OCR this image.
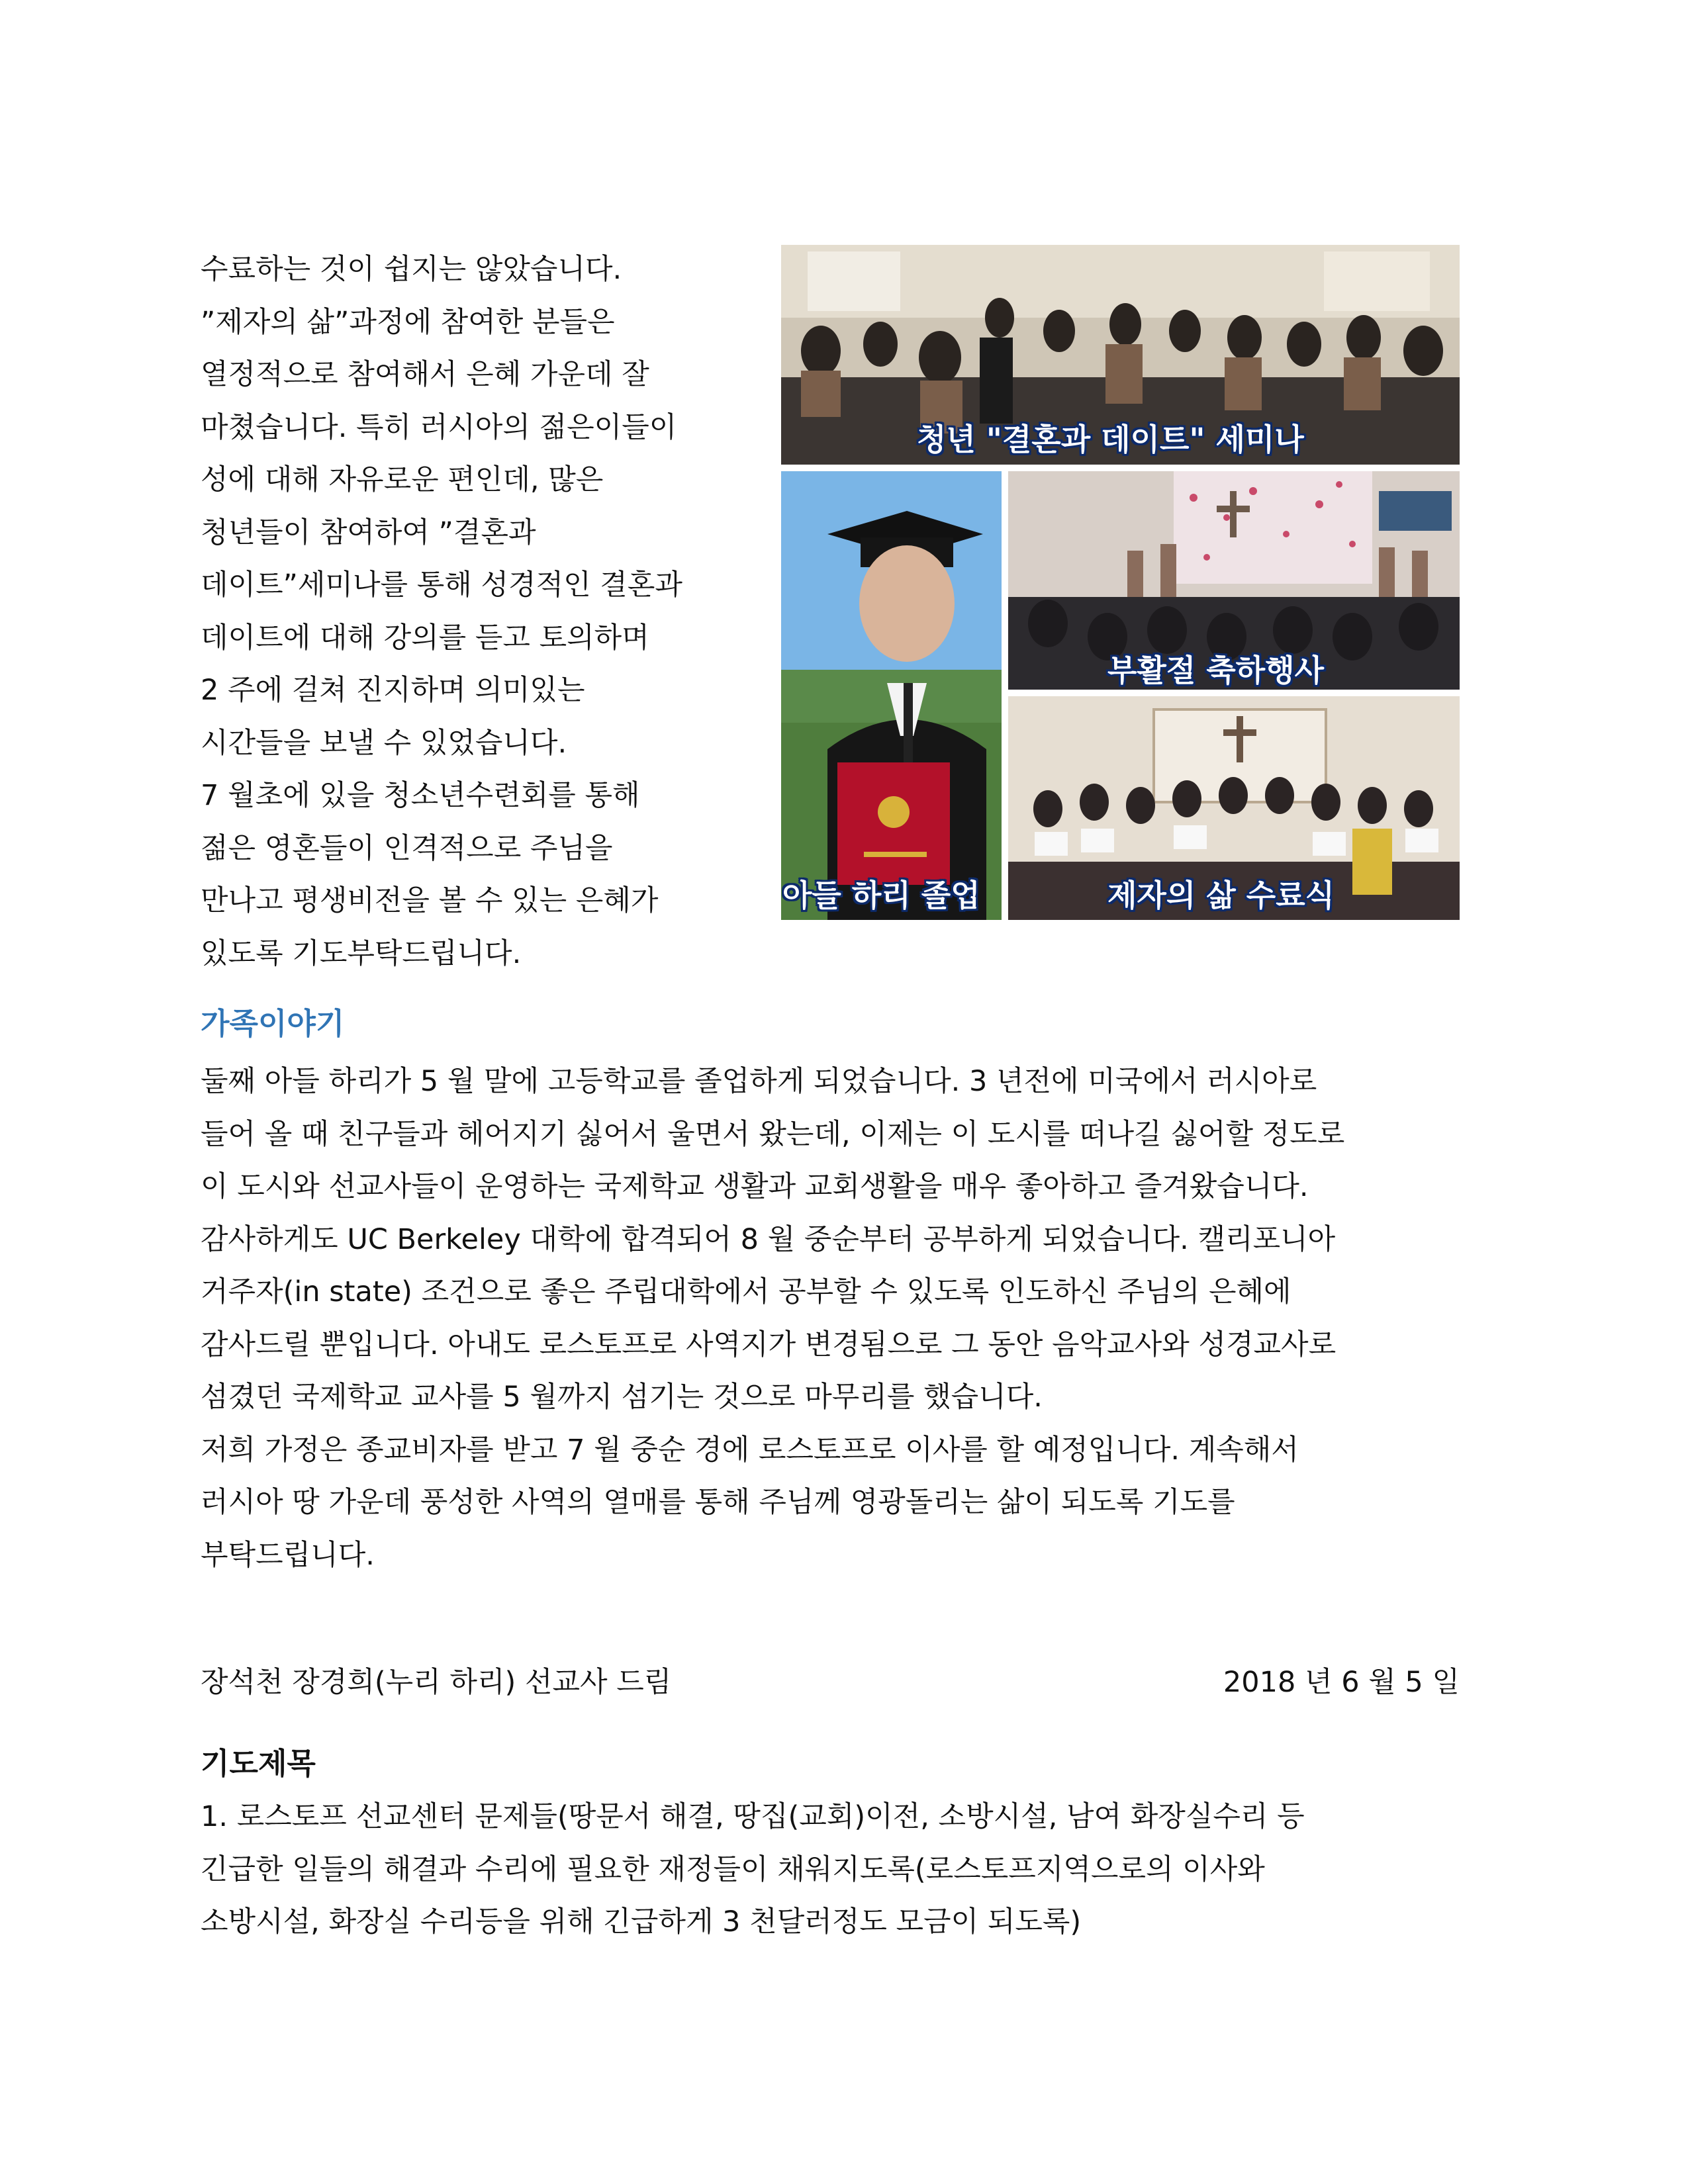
수료하는 것이 쉽지는 않았습니다.
”제자의 삶”과정에 참여한 분들은
열정적으로 참여해서 은혜 가운데 잘
마쳤습니다. 특히 러시아의 젊은이들이
성에 대해 자유로운 편인데, 많은
청년들이 참여하여 ”결혼과
데이트”세미나를 통해 성경적인 결혼과
데이트에 대해 강의를 듣고 토의하며
2 주에 걸쳐 진지하며 의미있는
시간들을 보낼 수 있었습니다.
7 월초에 있을 청소년수련회를 통해
젊은 영혼들이 인격적으로 주님을
만나고 평생비전을 볼 수 있는 은혜가
있도록 기도부탁드립니다.
청년 "결혼과 데이트" 세미나
아들 하리 졸업
부활절 축하행사
제자의 삶 수료식
가족이야기
둘째 아들 하리가 5 월 말에 고등학교를 졸업하게 되었습니다. 3 년전에 미국에서 러시아로
들어 올 때 친구들과 헤어지기 싫어서 울면서 왔는데, 이제는 이 도시를 떠나길 싫어할 정도로
이 도시와 선교사들이 운영하는 국제학교 생활과 교회생활을 매우 좋아하고 즐겨왔습니다.
감사하게도 UC Berkeley 대학에 합격되어 8 월 중순부터 공부하게 되었습니다. 캘리포니아
거주자(in state) 조건으로 좋은 주립대학에서 공부할 수 있도록 인도하신 주님의 은혜에
감사드릴 뿐입니다. 아내도 로스토프로 사역지가 변경됨으로 그 동안 음악교사와 성경교사로
섬겼던 국제학교 교사를 5 월까지 섬기는 것으로 마무리를 했습니다.
저희 가정은 종교비자를 받고 7 월 중순 경에 로스토프로 이사를 할 예정입니다. 계속해서
러시아 땅 가운데 풍성한 사역의 열매를 통해 주님께 영광돌리는 삶이 되도록 기도를
부탁드립니다.
장석천 장경희(누리 하리) 선교사 드림	2018 년 6 월 5 일
기도제목
1. 로스토프 선교센터 문제들(땅문서 해결, 땅집(교회)이전, 소방시설, 남여 화장실수리 등
긴급한 일들의 해결과 수리에 필요한 재정들이 채워지도록(로스토프지역으로의 이사와
소방시설, 화장실 수리등을 위해 긴급하게 3 천달러정도 모금이 되도록)
